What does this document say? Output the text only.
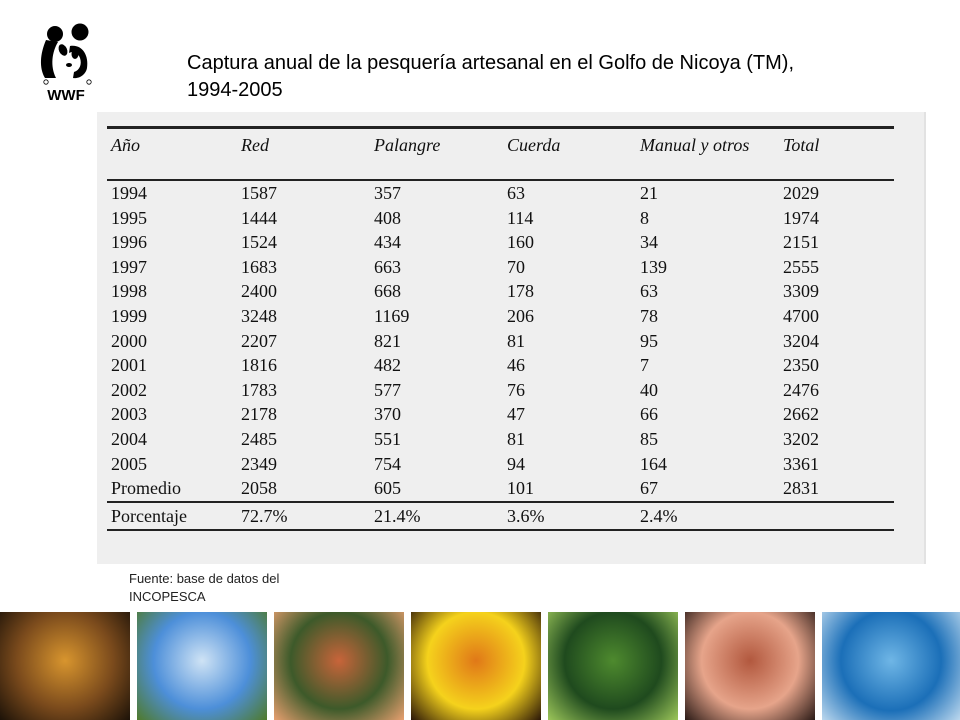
WWF
Captura anual de la pesquería artesanal en el Golfo de Nicoya (TM), 1994-2005
Año	Red	Palangre	Cuerda	Manual y otros	Total
1994	1587	357	63	21	2029
1995	1444	408	114	8	1974
1996	1524	434	160	34	2151
1997	1683	663	70	139	2555
1998	2400	668	178	63	3309
1999	3248	1169	206	78	4700
2000	2207	821	81	95	3204
2001	1816	482	46	7	2350
2002	1783	577	76	40	2476
2003	2178	370	47	66	2662
2004	2485	551	81	85	3202
2005	2349	754	94	164	3361
Promedio	2058	605	101	67	2831
Porcentaje	72.7%	21.4%	3.6%	2.4%	
Fuente: base de datos del INCOPESCA
